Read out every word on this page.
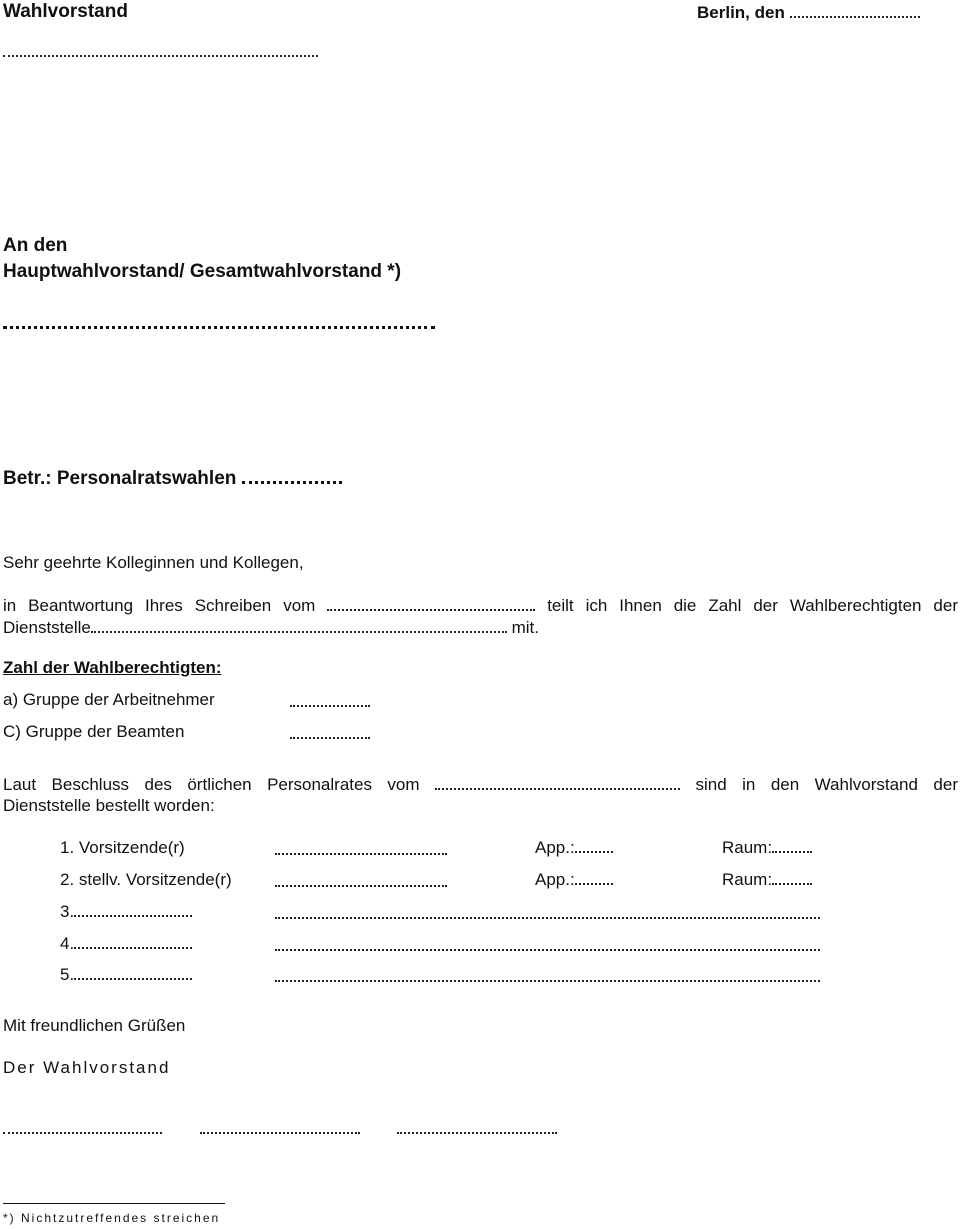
Wahlvorstand	Berlin, den
An den
Hauptwahlvorstand/ Gesamtwahlvorstand *)
Betr.: Personalratswahlen
Sehr geehrte Kolleginnen und Kollegen,
in Beantwortung Ihres Schreiben vom	teilt ich Ihnen die Zahl der Wahlberechtigten der
Dienststelle	mit.
Zahl der Wahlberechtigten:
a) Gruppe der Arbeitnehmer
C) Gruppe der Beamten
Laut Beschluss des örtlichen Personalrates vom	sind in den Wahlvorstand der
Dienststelle bestellt worden:
1. Vorsitzende(r)	App.:	Raum:
2. stellv. Vorsitzende(r)	App.:	Raum:
3.
4.
5.
Mit freundlichen Grüßen
Der Wahlvorstand
*) Nichtzutreffendes streichen
